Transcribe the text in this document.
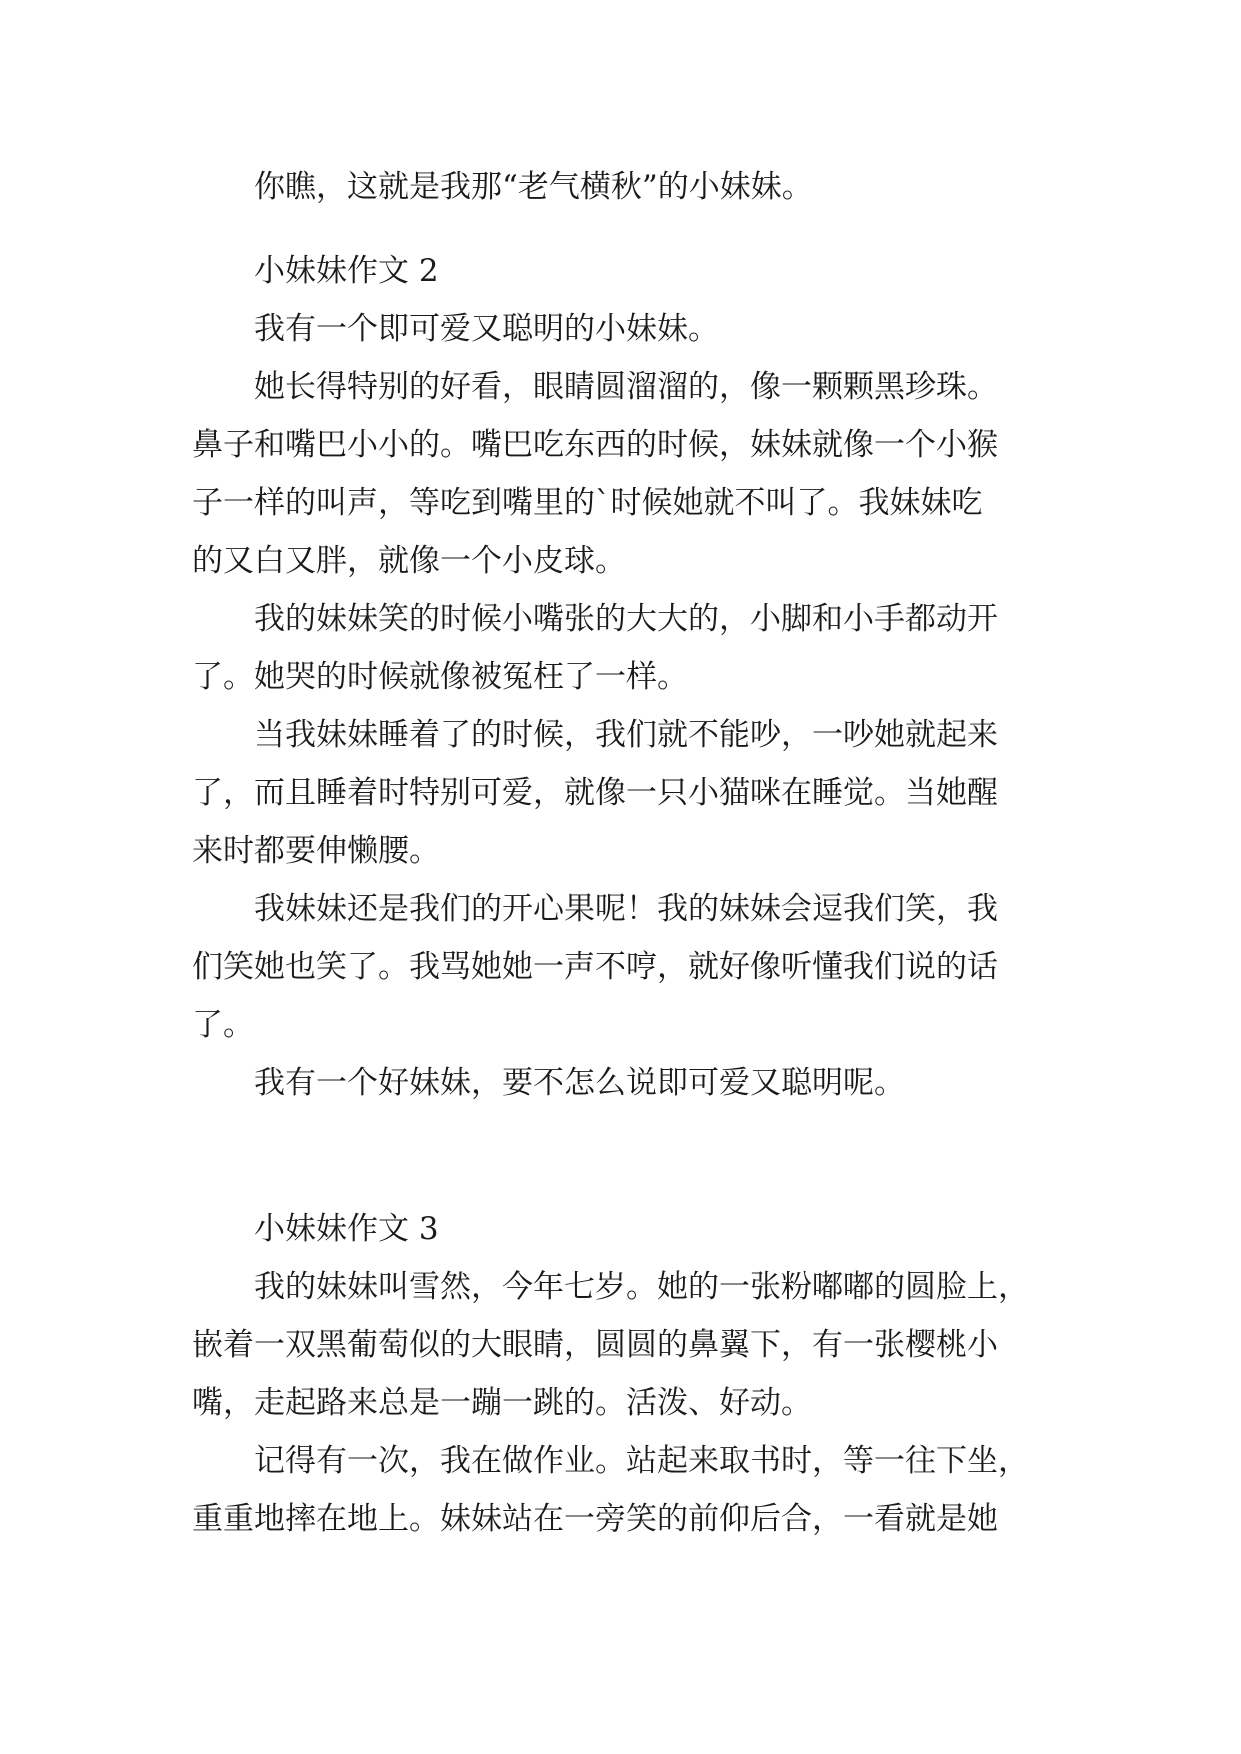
你瞧，这就是我那“老气横秋”的小妹妹。
小妹妹作文 2
我有一个即可爱又聪明的小妹妹。
她长得特别的好看，眼睛圆溜溜的，像一颗颗黑珍珠。
鼻子和嘴巴小小的。嘴巴吃东西的时候，妹妹就像一个小猴
子一样的叫声，等吃到嘴里的`时候她就不叫了。我妹妹吃
的又白又胖，就像一个小皮球。
我的妹妹笑的时候小嘴张的大大的，小脚和小手都动开
了。她哭的时候就像被冤枉了一样。
当我妹妹睡着了的时候，我们就不能吵，一吵她就起来
了，而且睡着时特别可爱，就像一只小猫咪在睡觉。当她醒
来时都要伸懒腰。
我妹妹还是我们的开心果呢！我的妹妹会逗我们笑，我
们笑她也笑了。我骂她她一声不哼，就好像听懂我们说的话
了。
我有一个好妹妹，要不怎么说即可爱又聪明呢。
小妹妹作文 3
我的妹妹叫雪然，今年七岁。她的一张粉嘟嘟的圆脸上，
嵌着一双黑葡萄似的大眼睛，圆圆的鼻翼下，有一张樱桃小
嘴，走起路来总是一蹦一跳的。活泼、好动。
记得有一次，我在做作业。站起来取书时，等一往下坐，
重重地摔在地上。妹妹站在一旁笑的前仰后合，一看就是她
